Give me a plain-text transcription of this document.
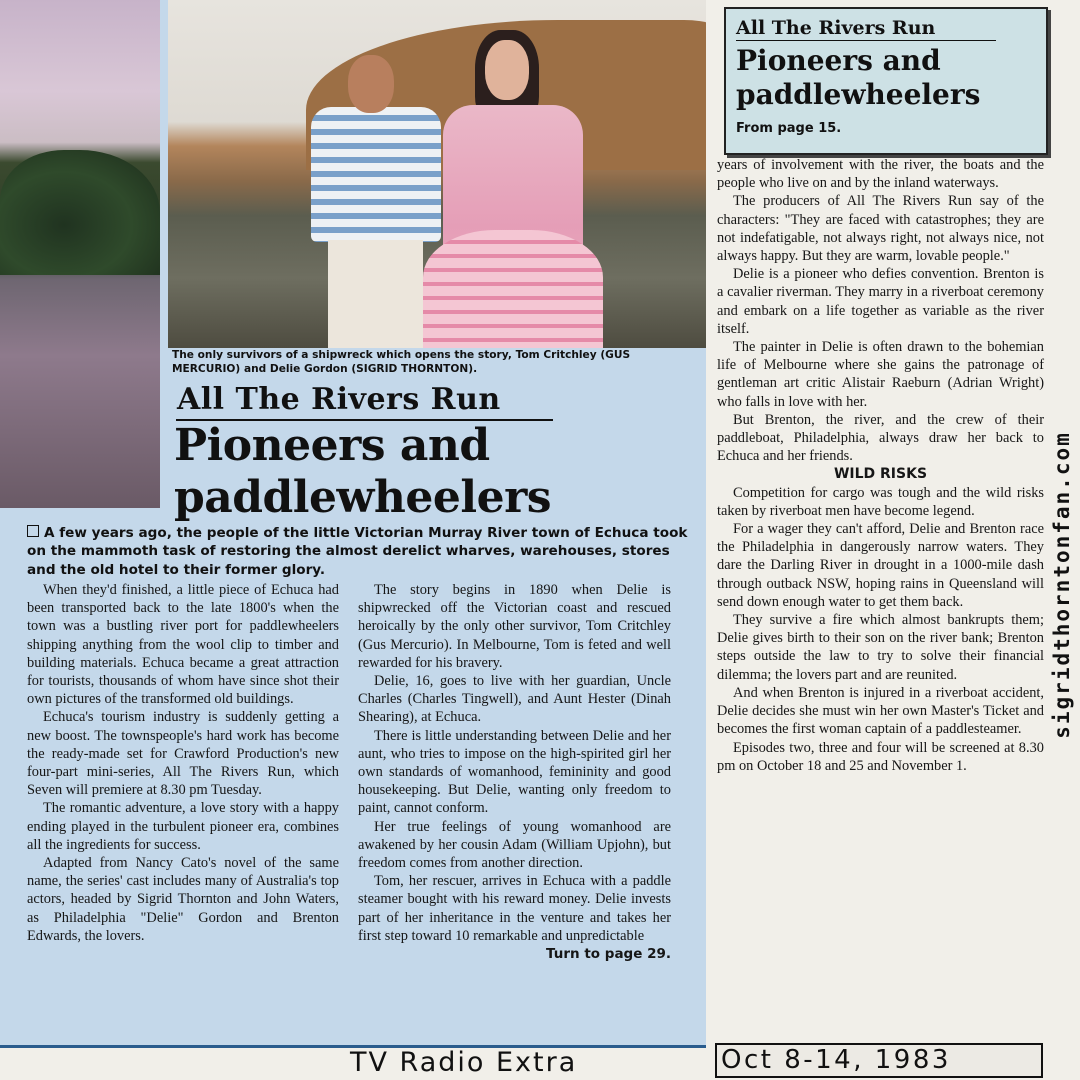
The only survivors of a shipwreck which opens the story, Tom Critchley (GUS MERCURIO) and Delie Gordon (SIGRID THORNTON).
All The Rivers Run
Pioneers and
paddlewheelers
A few years ago, the people of the little Victorian Murray River town of Echuca took on the mammoth task of restoring the almost derelict wharves, warehouses, stores and the old hotel to their former glory.

When they'd finished, a little piece of Echuca had been transported back to the late 1800's when the town was a bustling river port for paddlewheelers shipping anything from the wool clip to timber and building materials. Echuca became a great attraction for tourists, thousands of whom have since shot their own pictures of the transformed old buildings.

Echuca's tourism industry is suddenly getting a new boost. The townspeople's hard work has become the ready-made set for Crawford Production's new four-part mini-series, All The Rivers Run, which Seven will premiere at 8.30 pm Tuesday.

The romantic adventure, a love story with a happy ending played in the turbulent pioneer era, combines all the ingredients for success.

Adapted from Nancy Cato's novel of the same name, the series' cast includes many of Australia's top actors, headed by Sigrid Thornton and John Waters, as Philadelphia "Delie" Gordon and Brenton Edwards, the lovers.

The story begins in 1890 when Delie is shipwrecked off the Victorian coast and rescued heroically by the only other survivor, Tom Critchley (Gus Mercurio). In Melbourne, Tom is feted and well rewarded for his bravery.

Delie, 16, goes to live with her guardian, Uncle Charles (Charles Tingwell), and Aunt Hester (Dinah Shearing), at Echuca.

There is little understanding between Delie and her aunt, who tries to impose on the high-spirited girl her own standards of womanhood, femininity and good housekeeping. But Delie, wanting only freedom to paint, cannot conform.

Her true feelings of young womanhood are awakened by her cousin Adam (William Upjohn), but freedom comes from another direction.

Tom, her rescuer, arrives in Echuca with a paddle steamer bought with his reward money. Delie invests part of her inheritance in the venture and takes her first step toward 10 remarkable and unpredictable

Turn to page 29.
All The Rivers Run
Pioneers and
paddlewheelers
From page 15.

years of involvement with the river, the boats and the people who live on and by the inland waterways.

The producers of All The Rivers Run say of the characters: "They are faced with catastrophes; they are not indefatigable, not always right, not always nice, not always happy. But they are warm, lovable people."

Delie is a pioneer who defies convention. Brenton is a cavalier riverman. They marry in a riverboat ceremony and embark on a life together as variable as the river itself.

The painter in Delie is often drawn to the bohemian life of Melbourne where she gains the patronage of gentleman art critic Alistair Raeburn (Adrian Wright) who falls in love with her.

But Brenton, the river, and the crew of their paddleboat, Philadelphia, always draw her back to Echuca and her friends.

WILD RISKS

Competition for cargo was tough and the wild risks taken by riverboat men have become legend.

For a wager they can't afford, Delie and Brenton race the Philadelphia in dangerously narrow waters. They dare the Darling River in drought in a 1000-mile dash through outback NSW, hoping rains in Queensland will send down enough water to get them back.

They survive a fire which almost bankrupts them; Delie gives birth to their son on the river bank; Brenton steps outside the law to try to solve their financial dilemma; the lovers part and are reunited.

And when Brenton is injured in a riverboat accident, Delie decides she must win her own Master's Ticket and becomes the first woman captain of a paddlesteamer.

Episodes two, three and four will be screened at 8.30 pm on October 18 and 25 and November 1.

sigridthorntonfan.com
TV Radio Extra	Oct 8-14, 1983
